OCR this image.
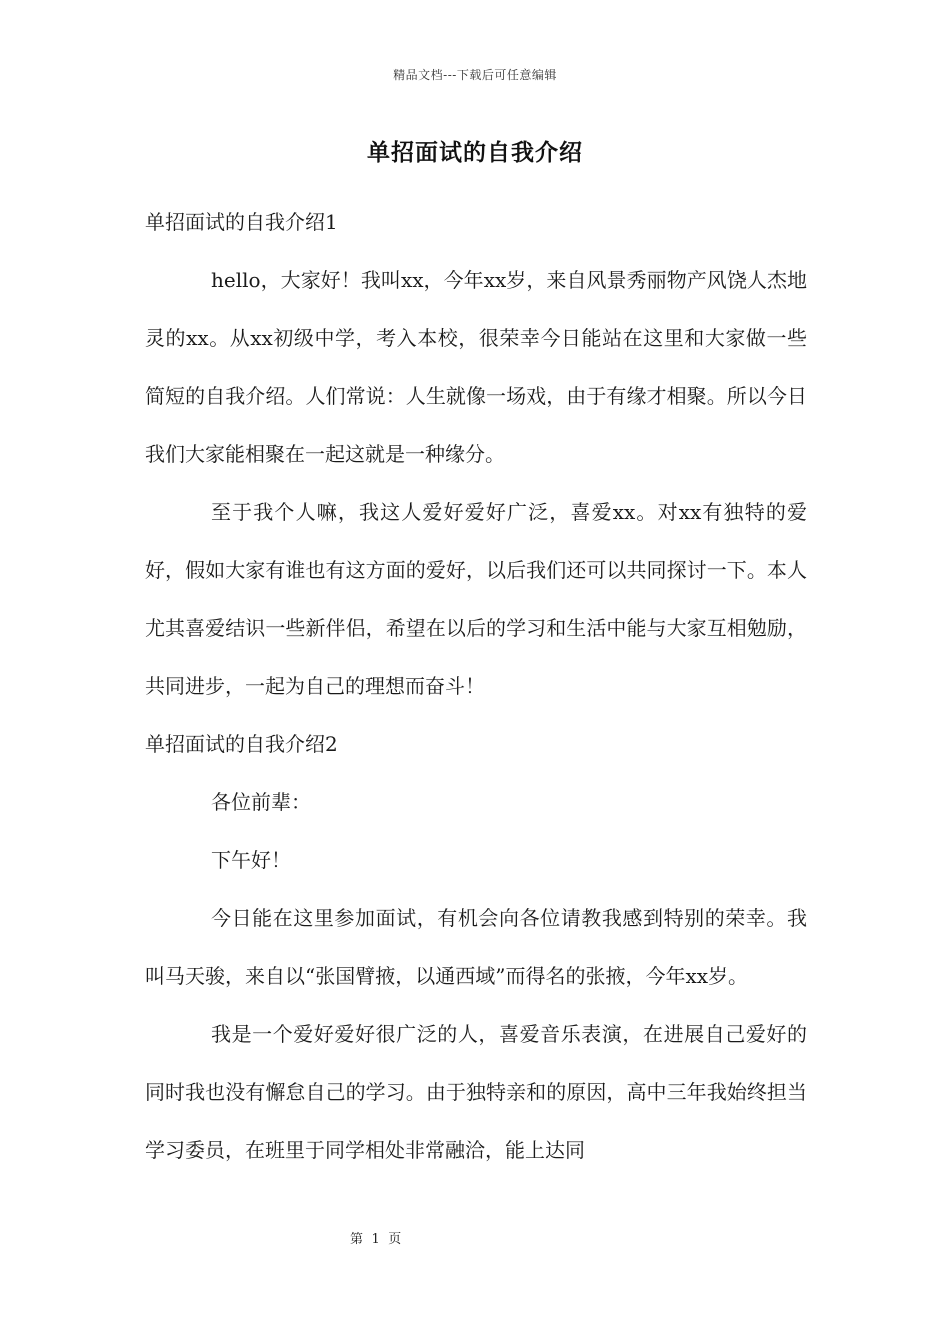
精品文档---下载后可任意编辑
单招面试的自我介绍

单招面试的自我介绍1

hello，大家好！我叫xx，今年xx岁，来自风景秀丽物产风饶人杰地灵的xx。从xx初级中学，考入本校，很荣幸今日能站在这里和大家做一些简短的自我介绍。人们常说：人生就像一场戏，由于有缘才相聚。所以今日我们大家能相聚在一起这就是一种缘分。

至于我个人嘛，我这人爱好爱好广泛，喜爱xx。对xx有独特的爱好，假如大家有谁也有这方面的爱好，以后我们还可以共同探讨一下。本人尤其喜爱结识一些新伴侣，希望在以后的学习和生活中能与大家互相勉励，共同进步，一起为自己的理想而奋斗！

单招面试的自我介绍2

各位前辈：

下午好！

今日能在这里参加面试，有机会向各位请教我感到特别的荣幸。我叫马天骏，来自以“张国臂掖，以通西域”而得名的张掖，今年xx岁。

我是一个爱好爱好很广泛的人，喜爱音乐表演，在进展自己爱好的同时我也没有懈怠自己的学习。由于独特亲和的原因，高中三年我始终担当学习委员，在班里于同学相处非常融洽，能上达同

第 1 页
